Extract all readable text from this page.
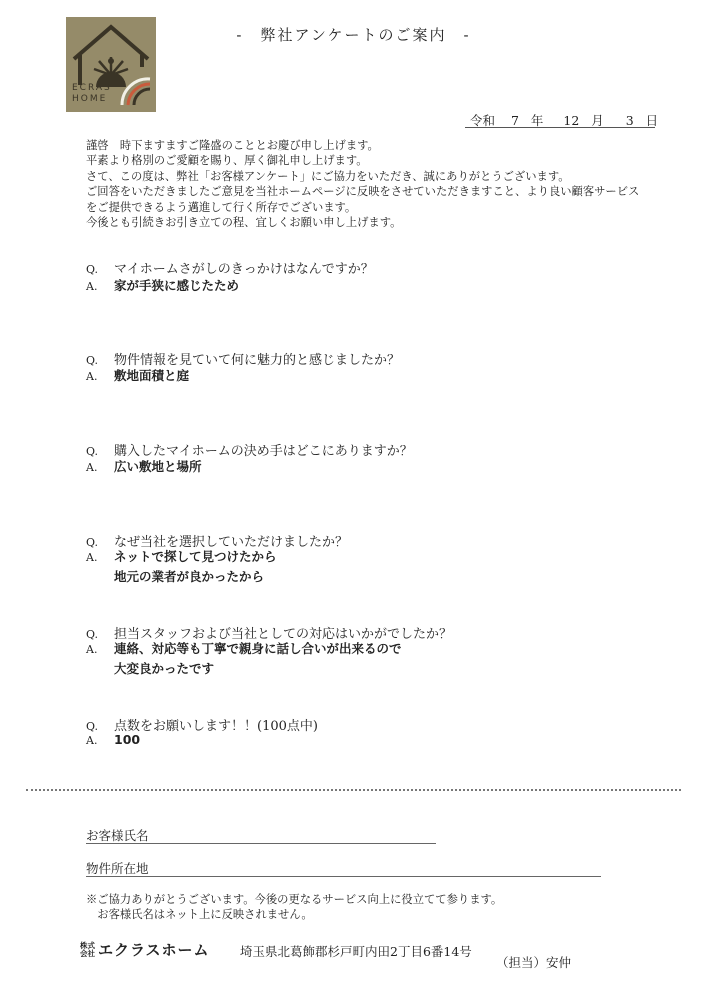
ECRAS
HOME
-　弊社アンケートのご案内　-
令和 7 年 12 月 3 日
謹啓　時下ますますご隆盛のこととお慶び申し上げます。
平素より格別のご愛顧を賜り、厚く御礼申し上げます。
さて、この度は、弊社「お客様アンケート」にご協力をいただき、誠にありがとうございます。
ご回答をいただきましたご意見を当社ホームページに反映をさせていただきますこと、より良い顧客サービス
をご提供できるよう邁進して行く所存でございます。
今後とも引続きお引き立ての程、宜しくお願い申し上げます。
Q. マイホームさがしのきっかけはなんですか？
A. 家が手狭に感じたため
Q. 物件情報を見ていて何に魅力的と感じましたか？
A. 敷地面積と庭
Q. 購入したマイホームの決め手はどこにありますか？
A. 広い敷地と場所
Q. なぜ当社を選択していただけましたか？
A. ネットで探して見つけたから
地元の業者が良かったから
Q. 担当スタッフおよび当社としての対応はいかがでしたか？
A. 連絡、対応等も丁寧で親身に話し合いが出来るので
大変良かったです
Q. 点数をお願いします！！(100点中)
A. 100
お客様氏名
物件所在地
※ご協力ありがとうございます。今後の更なるサービス向上に役立てて参ります。
　お客様氏名はネット上に反映されません。
株式
会社 エクラスホーム 埼玉県北葛飾郡杉戸町内田2丁目6番14号
（担当）安仲
